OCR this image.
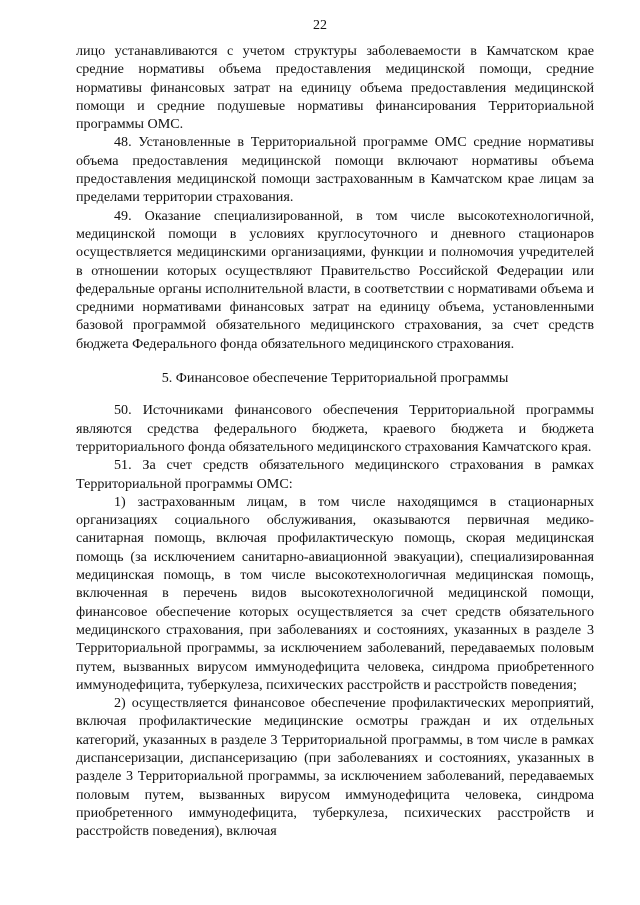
22

лицо устанавливаются с учетом структуры заболеваемости в Камчатском крае средние нормативы объема предоставления медицинской помощи, средние нормативы финансовых затрат на единицу объема предоставления медицинской помощи и средние подушевые нормативы финансирования Территориальной программы ОМС.

48. Установленные в Территориальной программе ОМС средние нормативы объема предоставления медицинской помощи включают нормативы объема предоставления медицинской помощи застрахованным в Камчатском крае лицам за пределами территории страхования.

49. Оказание специализированной, в том числе высокотехнологичной, медицинской помощи в условиях круглосуточного и дневного стационаров осуществляется медицинскими организациями, функции и полномочия учредителей в отношении которых осуществляют Правительство Российской Федерации или федеральные органы исполнительной власти, в соответствии с нормативами объема и средними нормативами финансовых затрат на единицу объема, установленными базовой программой обязательного медицинского страхования, за счет средств бюджета Федерального фонда обязательного медицинского страхования.

5. Финансовое обеспечение Территориальной программы

50. Источниками финансового обеспечения Территориальной программы являются средства федерального бюджета, краевого бюджета и бюджета территориального фонда обязательного медицинского страхования Камчатского края.

51. За счет средств обязательного медицинского страхования в рамках Территориальной программы ОМС:

1) застрахованным лицам, в том числе находящимся в стационарных организациях социального обслуживания, оказываются первичная медико-санитарная помощь, включая профилактическую помощь, скорая медицинская помощь (за исключением санитарно-авиационной эвакуации), специализированная медицинская помощь, в том числе высокотехнологичная медицинская помощь, включенная в перечень видов высокотехнологичной медицинской помощи, финансовое обеспечение которых осуществляется за счет средств обязательного медицинского страхования, при заболеваниях и состояниях, указанных в разделе 3 Территориальной программы, за исключением заболеваний, передаваемых половым путем, вызванных вирусом иммунодефицита человека, синдрома приобретенного иммунодефицита, туберкулеза, психических расстройств и расстройств поведения;

2) осуществляется финансовое обеспечение профилактических мероприятий, включая профилактические медицинские осмотры граждан и их отдельных категорий, указанных в разделе 3 Территориальной программы, в том числе в рамках диспансеризации, диспансеризацию (при заболеваниях и состояниях, указанных в разделе 3 Территориальной программы, за исключением заболеваний, передаваемых половым путем, вызванных вирусом иммунодефицита человека, синдрома приобретенного иммунодефицита, туберкулеза, психических расстройств и расстройств поведения), включая
